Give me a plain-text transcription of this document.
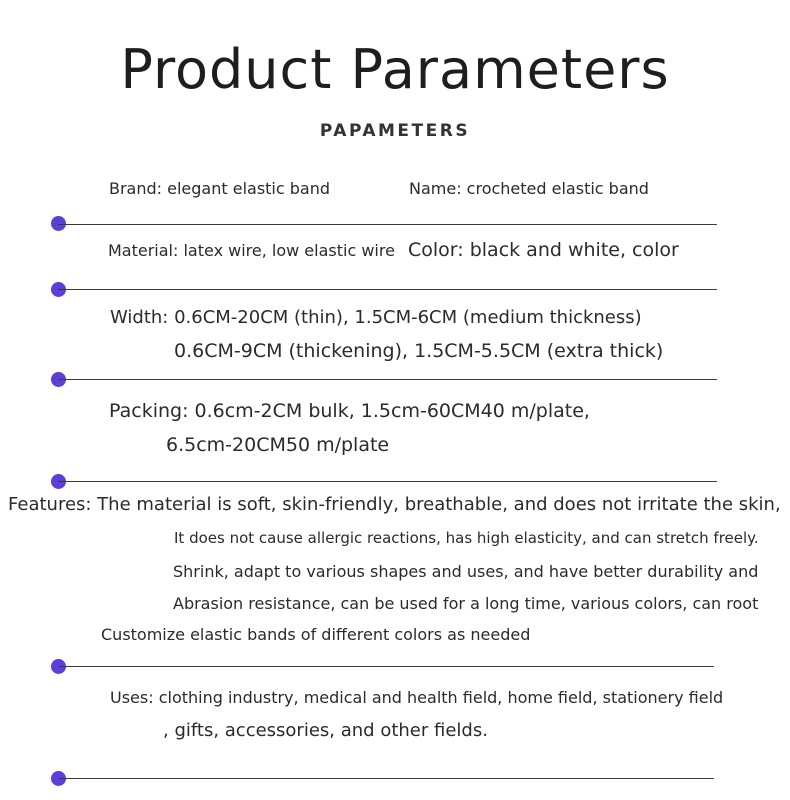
Product Parameters
PAPAMETERS
Brand: elegant elastic band	Name: crocheted elastic band
Material: latex wire, low elastic wire Color: black and white, color
Width: 0.6CM-20CM (thin), 1.5CM-6CM (medium thickness)
0.6CM-9CM (thickening), 1.5CM-5.5CM (extra thick)
Packing: 0.6cm-2CM bulk, 1.5cm-60CM40 m/plate,
6.5cm-20CM50 m/plate
Features: The material is soft, skin-friendly, breathable, and does not irritate the skin,
It does not cause allergic reactions, has high elasticity, and can stretch freely.
Shrink, adapt to various shapes and uses, and have better durability and
Abrasion resistance, can be used for a long time, various colors, can root
Customize elastic bands of different colors as needed
Uses: clothing industry, medical and health field, home field, stationery field
, gifts, accessories, and other fields.
